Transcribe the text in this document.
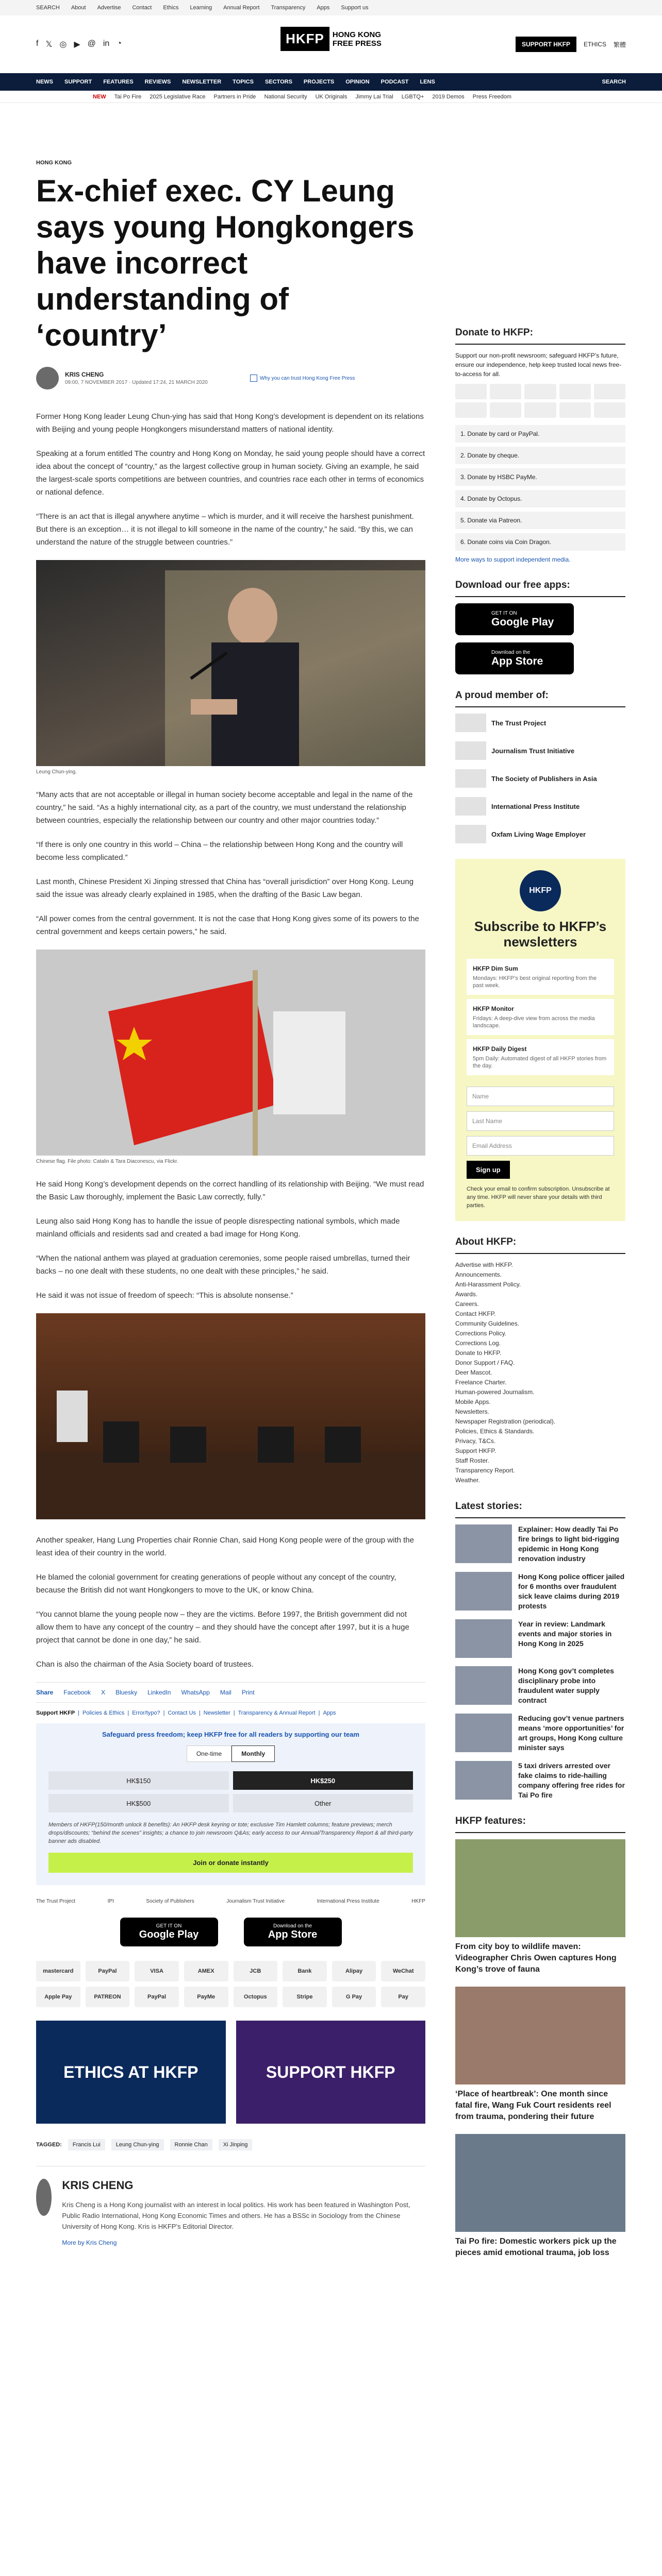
SEARCH About Advertise Contact Ethics Learning Annual Report Transparency Apps Support us
f 𝕏 ◎ ▶ @ in ◔	HKFP	HONG KONG
FREE PRESS	SUPPORT HKFP	ETHICS 繁體
NEWS SUPPORT FEATURES REVIEWS NEWSLETTER TOPICS SECTORS PROJECTS OPINION PODCAST LENS	SEARCH
NEW Tai Po Fire 2025 Legislative Race Partners in Pride National Security UK Originals Jimmy Lai Trial LGBTQ+ 2019 Demos Press Freedom
HONG KONG
Ex-chief exec. CY Leung says young Hongkongers have incorrect understanding of ‘country’
KRIS CHENG
09:00, 7 NOVEMBER 2017 · Updated 17:24, 21 MARCH 2020
Why you can trust Hong Kong Free Press

Former Hong Kong leader Leung Chun-ying has said that Hong Kong’s development is dependent on its relations with Beijing and young people Hongkongers misunderstand matters of national identity.

Speaking at a forum entitled The country and Hong Kong on Monday, he said young people should have a correct idea about the concept of “country,” as the largest collective group in human society. Giving an example, he said the largest-scale sports competitions are between countries, and countries race each other in terms of economics or national defence.

“There is an act that is illegal anywhere anytime – which is murder, and it will receive the harshest punishment. But there is an exception… it is not illegal to kill someone in the name of the country,” he said. “By this, we can understand the nature of the struggle between countries.”

Leung Chun-ying.

“Many acts that are not acceptable or illegal in human society become acceptable and legal in the name of the country,” he said. “As a highly international city, as a part of the country, we must understand the relationship between countries, especially the relationship between our country and other major countries today.”

“If there is only one country in this world – China – the relationship between Hong Kong and the country will become less complicated.”

Last month, Chinese President Xi Jinping stressed that China has “overall jurisdiction” over Hong Kong. Leung said the issue was already clearly explained in 1985, when the drafting of the Basic Law began.

“All power comes from the central government. It is not the case that Hong Kong gives some of its powers to the central government and keeps certain powers,” he said.

Chinese flag. File photo: Catalin & Tara Diaconescu, via Flickr.

He said Hong Kong’s development depends on the correct handling of its relationship with Beijing. “We must read the Basic Law thoroughly, implement the Basic Law correctly, fully.”

Leung also said Hong Kong has to handle the issue of people disrespecting national symbols, which made mainland officials and residents sad and created a bad image for Hong Kong.

“When the national anthem was played at graduation ceremonies, some people raised umbrellas, turned their backs – no one dealt with these students, no one dealt with these principles,” he said.

He said it was not issue of freedom of speech: “This is absolute nonsense.”

Another speaker, Hang Lung Properties chair Ronnie Chan, said Hong Kong people were of the group with the least idea of their country in the world.

He blamed the colonial government for creating generations of people without any concept of the country, because the British did not want Hongkongers to move to the UK, or know China.

“You cannot blame the young people now – they are the victims. Before 1997, the British government did not allow them to have any concept of the country – and they should have the concept after 1997, but it is a huge project that cannot be done in one day,” he said.

Chan is also the chairman of the Asia Society board of trustees.

Share Facebook X Bluesky LinkedIn WhatsApp Mail Print
Support HKFP | Policies & Ethics | Error/typo? | Contact Us | Newsletter | Transparency & Annual Report | Apps
Safeguard press freedom; keep HKFP free for all readers by supporting our team
One-time	Monthly
HK$150	HK$250
HK$500	Other
Members of HKFP(150/month unlock 8 benefits): An HKFP desk keyring or tote; exclusive Tim Hamlett columns; feature previews; merch drops/discounts; “behind the scenes” insights; a chance to join newsroom Q&As; early access to our Annual/Transparency Report & all third-party banner ads disabled.
Join or donate instantly
The Trust Project	IPI	Society of Publishers	Journalism Trust Initiative	International Press Institute	HKFP
GET IT ON
Google Play
Download on the
App Store
mastercard	PayPal	VISA	AMEX	JCB	Bank	Alipay	WeChat
Apple Pay	PATREON	PayPal	PayMe	Octopus	Stripe	G Pay	Pay
ETHICS AT HKFP	SUPPORT HKFP
TAGGED:	Francis Lui	Leung Chun-ying	Ronnie Chan	Xi Jinping
KRIS CHENG
Kris Cheng is a Hong Kong journalist with an interest in local politics. His work has been featured in Washington Post, Public Radio International, Hong Kong Economic Times and others. He has a BSSc in Sociology from the Chinese University of Hong Kong. Kris is HKFP’s Editorial Director.
More by Kris Cheng
Donate to HKFP:
Support our non-profit newsroom; safeguard HKFP’s future, ensure our independence, help keep trusted local news free-to-access for all.
1. Donate by card or PayPal.
2. Donate by cheque.
3. Donate by HSBC PayMe.
4. Donate by Octopus.
5. Donate via Patreon.
6. Donate coins via Coin Dragon.
More ways to support independent media.
Download our free apps:
GET IT ON
Google Play
Download on the
App Store
A proud member of:
The Trust Project
Journalism Trust Initiative
The Society of Publishers in Asia
International Press Institute
Oxfam Living Wage Employer
HKFP
Subscribe to HKFP’s newsletters
HKFP Dim Sum
Mondays: HKFP’s best original reporting from the past week.
HKFP Monitor
Fridays: A deep-dive view from across the media landscape.
HKFP Daily Digest
5pm Daily: Automated digest of all HKFP stories from the day.
Name
Last Name
Email Address
Sign up
Check your email to confirm subscription. Unsubscribe at any time. HKFP will never share your details with third parties.
About HKFP:
Advertise with HKFP.
Announcements.
Anti-Harassment Policy.
Awards.
Careers.
Contact HKFP.
Community Guidelines.
Corrections Policy.
Corrections Log.
Donate to HKFP.
Donor Support / FAQ.
Deer Mascot.
Freelance Charter.
Human-powered Journalism.
Mobile Apps.
Newsletters.
Newspaper Registration (periodical).
Policies, Ethics & Standards.
Privacy, T&Cs.
Support HKFP.
Staff Roster.
Transparency Report.
Weather.
Latest stories:
Explainer: How deadly Tai Po fire brings to light bid-rigging epidemic in Hong Kong renovation industry
Hong Kong police officer jailed for 6 months over fraudulent sick leave claims during 2019 protests
Year in review: Landmark events and major stories in Hong Kong in 2025
Hong Kong gov’t completes disciplinary probe into fraudulent water supply contract
Reducing gov’t venue partners means ‘more opportunities’ for art groups, Hong Kong culture minister says
5 taxi drivers arrested over fake claims to ride-hailing company offering free rides for Tai Po fire
HKFP features:
From city boy to wildlife maven: Videographer Chris Owen captures Hong Kong’s trove of fauna
‘Place of heartbreak’: One month since fatal fire, Wang Fuk Court residents reel from trauma, pondering their future
Tai Po fire: Domestic workers pick up the pieces amid emotional trauma, job loss
